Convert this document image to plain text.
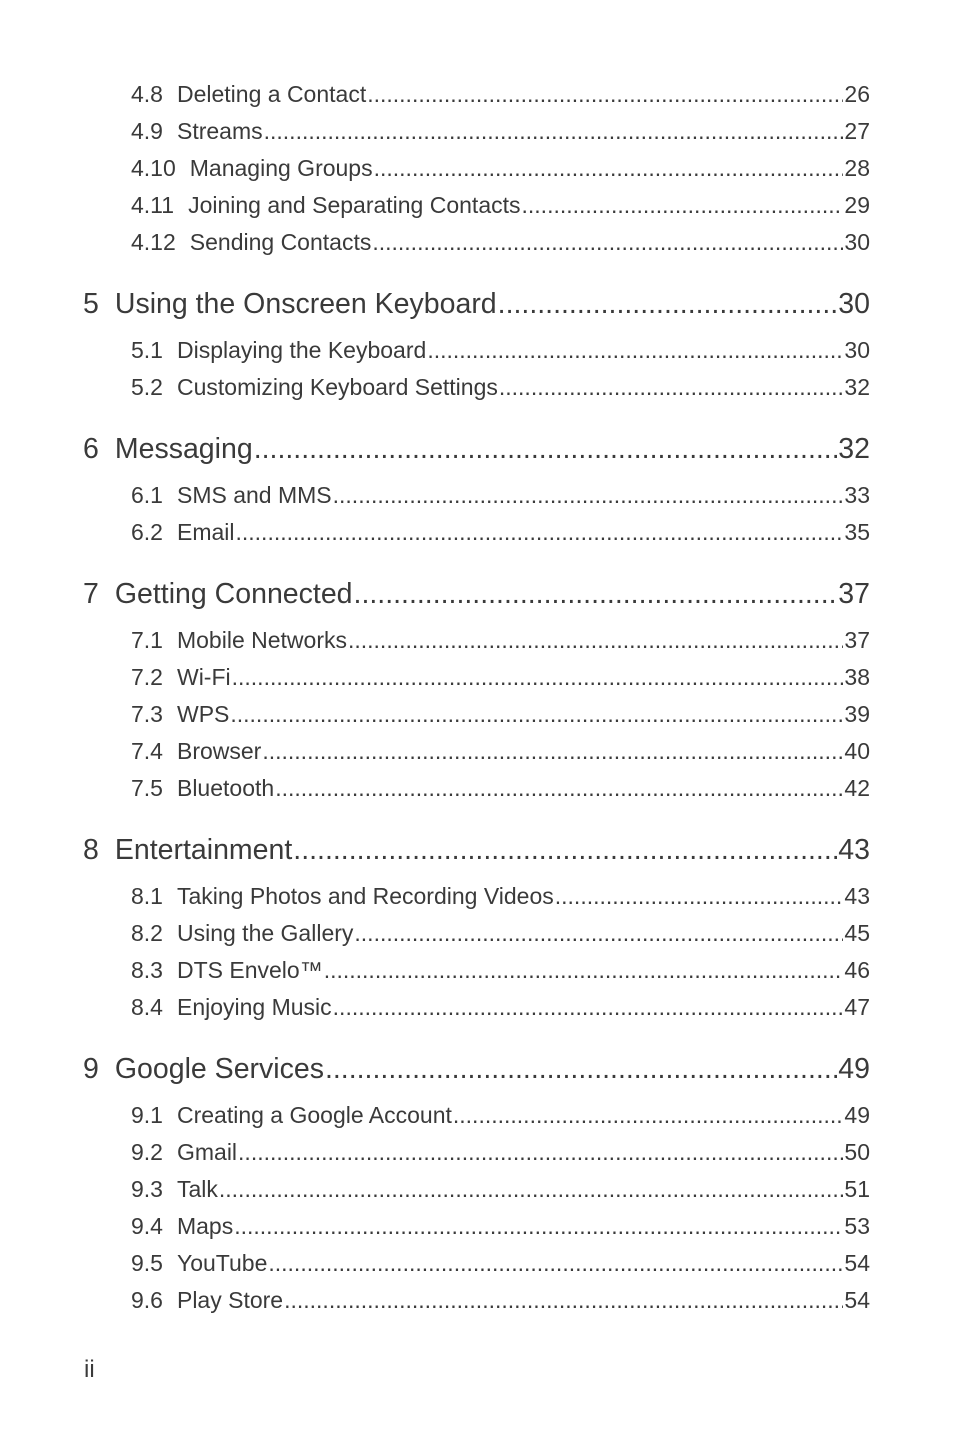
4.8 Deleting a Contact .....	26
4.9 Streams .....	27
4.10 Managing Groups .....	28
4.11 Joining and Separating Contacts .....	29
4.12 Sending Contacts .....	30
5 Using the Onscreen Keyboard .....	30
5.1 Displaying the Keyboard .....	30
5.2 Customizing Keyboard Settings .....	32
6 Messaging .....	32
6.1 SMS and MMS .....	33
6.2 Email .....	35
7 Getting Connected .....	37
7.1 Mobile Networks .....	37
7.2 Wi-Fi .....	38
7.3 WPS .....	39
7.4 Browser .....	40
7.5 Bluetooth .....	42
8 Entertainment .....	43
8.1 Taking Photos and Recording Videos .....	43
8.2 Using the Gallery .....	45
8.3 DTS Envelo™ .....	46
8.4 Enjoying Music .....	47
9 Google Services .....	49
9.1 Creating a Google Account .....	49
9.2 Gmail .....	50
9.3 Talk .....	51
9.4 Maps .....	53
9.5 YouTube .....	54
9.6 Play Store .....	54
ii
